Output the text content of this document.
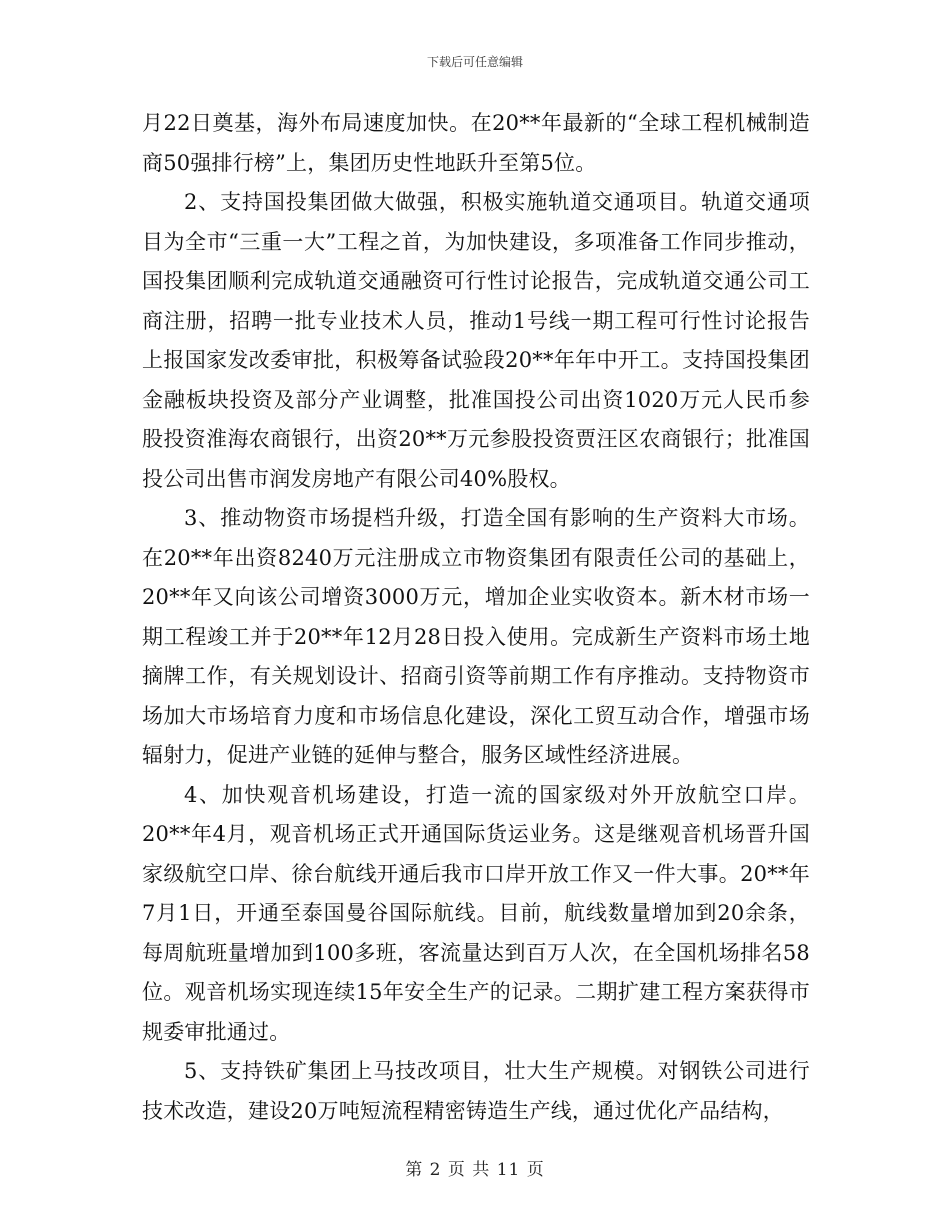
下载后可任意编辑

月22日奠基，海外布局速度加快。在20**年最新的“全球工程机械制造商50强排行榜”上，集团历史性地跃升至第5位。

2、支持国投集团做大做强，积极实施轨道交通项目。轨道交通项目为全市“三重一大”工程之首，为加快建设，多项准备工作同步推动，国投集团顺利完成轨道交通融资可行性讨论报告，完成轨道交通公司工商注册，招聘一批专业技术人员，推动1号线一期工程可行性讨论报告上报国家发改委审批，积极筹备试验段20**年年中开工。支持国投集团金融板块投资及部分产业调整，批准国投公司出资1020万元人民币参股投资淮海农商银行，出资20**万元参股投资贾汪区农商银行；批准国投公司出售市润发房地产有限公司40%股权。

3、推动物资市场提档升级，打造全国有影响的生产资料大市场。在20**年出资8240万元注册成立市物资集团有限责任公司的基础上，20**年又向该公司增资3000万元，增加企业实收资本。新木材市场一期工程竣工并于20**年12月28日投入使用。完成新生产资料市场土地摘牌工作，有关规划设计、招商引资等前期工作有序推动。支持物资市场加大市场培育力度和市场信息化建设，深化工贸互动合作，增强市场辐射力，促进产业链的延伸与整合，服务区域性经济进展。

4、加快观音机场建设，打造一流的国家级对外开放航空口岸。20**年4月，观音机场正式开通国际货运业务。这是继观音机场晋升国家级航空口岸、徐台航线开通后我市口岸开放工作又一件大事。20**年7月1日，开通至泰国曼谷国际航线。目前，航线数量增加到20余条，每周航班量增加到100多班，客流量达到百万人次，在全国机场排名58位。观音机场实现连续15年安全生产的记录。二期扩建工程方案获得市规委审批通过。

5、支持铁矿集团上马技改项目，壮大生产规模。对钢铁公司进行技术改造，建设20万吨短流程精密铸造生产线，通过优化产品结构，

第 2 页 共 11 页
